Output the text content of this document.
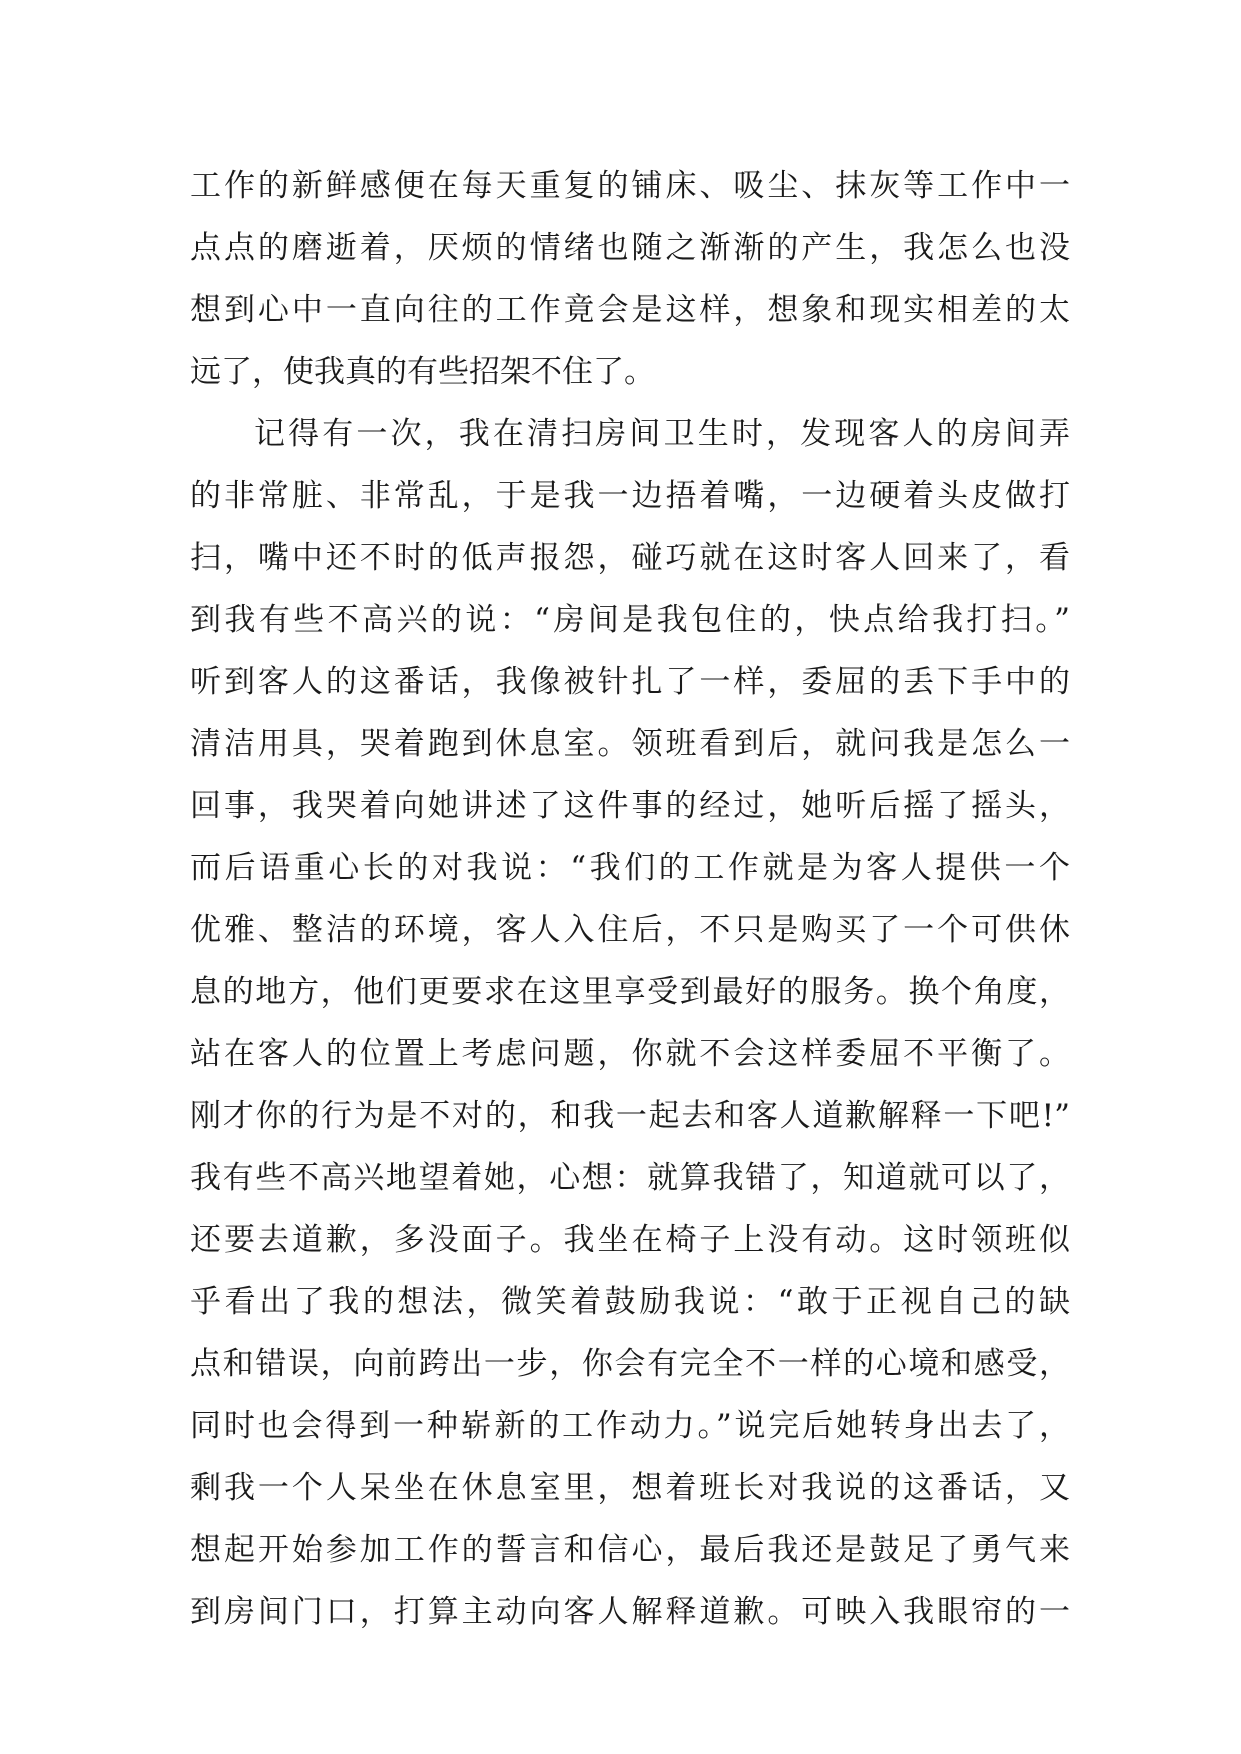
工作的新鲜感便在每天重复的铺床、吸尘、抹灰等工作中一
点点的磨逝着，厌烦的情绪也随之渐渐的产生，我怎么也没
想到心中一直向往的工作竟会是这样，想象和现实相差的太
远了，使我真的有些招架不住了。
记得有一次，我在清扫房间卫生时，发现客人的房间弄
的非常脏、非常乱，于是我一边捂着嘴，一边硬着头皮做打
扫，嘴中还不时的低声报怨，碰巧就在这时客人回来了，看
到我有些不高兴的说：“房间是我包住的，快点给我打扫。”
听到客人的这番话，我像被针扎了一样，委屈的丢下手中的
清洁用具，哭着跑到休息室。领班看到后，就问我是怎么一
回事，我哭着向她讲述了这件事的经过，她听后摇了摇头，
而后语重心长的对我说：“我们的工作就是为客人提供一个
优雅、整洁的环境，客人入住后，不只是购买了一个可供休
息的地方，他们更要求在这里享受到最好的服务。换个角度，
站在客人的位置上考虑问题，你就不会这样委屈不平衡了。
刚才你的行为是不对的，和我一起去和客人道歉解释一下吧!”
我有些不高兴地望着她，心想：就算我错了，知道就可以了，
还要去道歉，多没面子。我坐在椅子上没有动。这时领班似
乎看出了我的想法，微笑着鼓励我说：“敢于正视自己的缺
点和错误，向前跨出一步，你会有完全不一样的心境和感受，
同时也会得到一种崭新的工作动力。”说完后她转身出去了，
剩我一个人呆坐在休息室里，想着班长对我说的这番话，又
想起开始参加工作的誓言和信心，最后我还是鼓足了勇气来
到房间门口，打算主动向客人解释道歉。可映入我眼帘的一
